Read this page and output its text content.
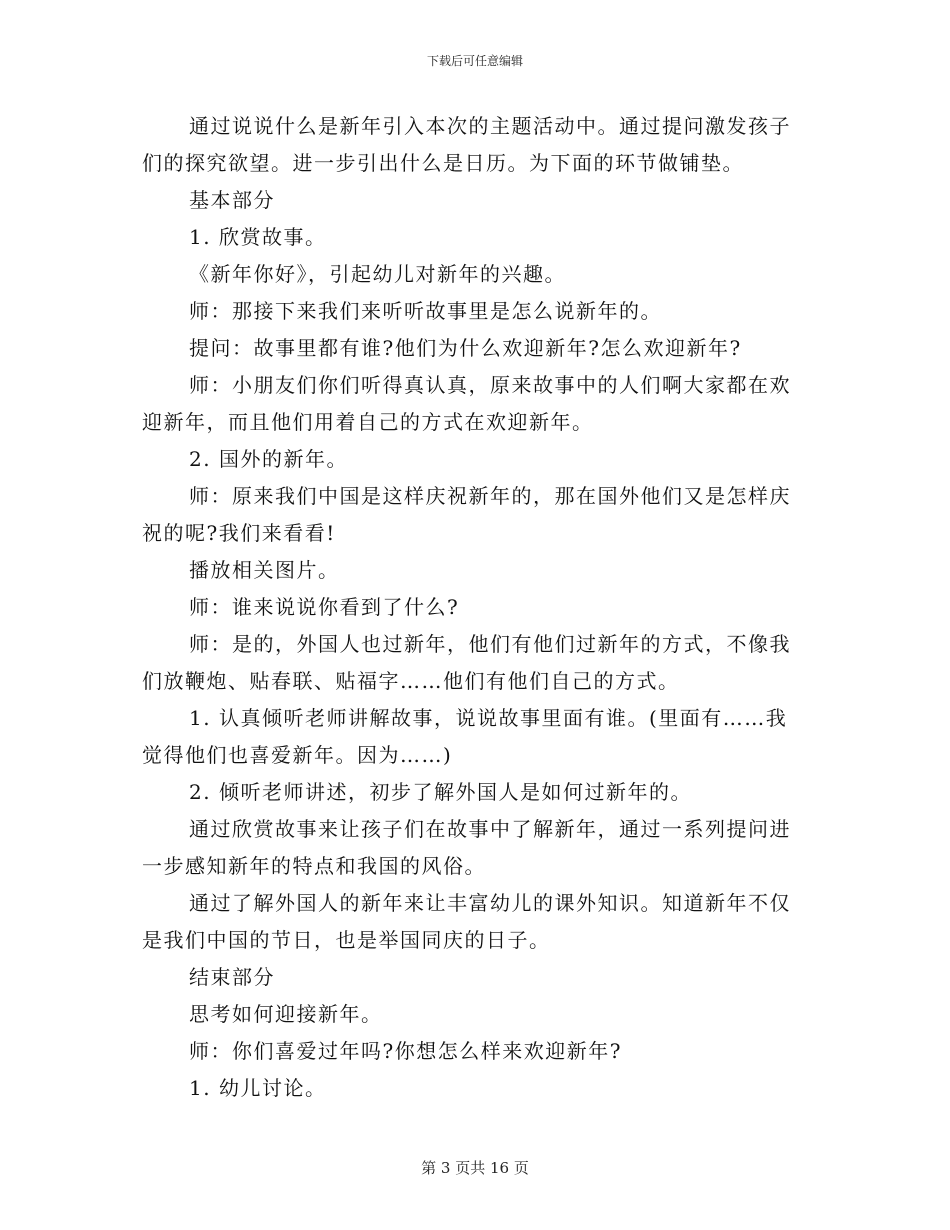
下载后可任意编辑

通过说说什么是新年引入本次的主题活动中。通过提问激发孩子们的探究欲望。进一步引出什么是日历。为下面的环节做铺垫。

基本部分

1. 欣赏故事。

《新年你好》，引起幼儿对新年的兴趣。

师：那接下来我们来听听故事里是怎么说新年的。

提问：故事里都有谁?他们为什么欢迎新年?怎么欢迎新年?

师：小朋友们你们听得真认真，原来故事中的人们啊大家都在欢迎新年，而且他们用着自己的方式在欢迎新年。

2. 国外的新年。

师：原来我们中国是这样庆祝新年的，那在国外他们又是怎样庆祝的呢?我们来看看!

播放相关图片。

师：谁来说说你看到了什么?

师：是的，外国人也过新年，他们有他们过新年的方式，不像我们放鞭炮、贴春联、贴福字……他们有他们自己的方式。

1. 认真倾听老师讲解故事，说说故事里面有谁。(里面有……我觉得他们也喜爱新年。因为……)

2. 倾听老师讲述，初步了解外国人是如何过新年的。

通过欣赏故事来让孩子们在故事中了解新年，通过一系列提问进一步感知新年的特点和我国的风俗。

通过了解外国人的新年来让丰富幼儿的课外知识。知道新年不仅是我们中国的节日，也是举国同庆的日子。

结束部分

思考如何迎接新年。

师：你们喜爱过年吗?你想怎么样来欢迎新年?

1. 幼儿讨论。

第 3 页共 16 页
